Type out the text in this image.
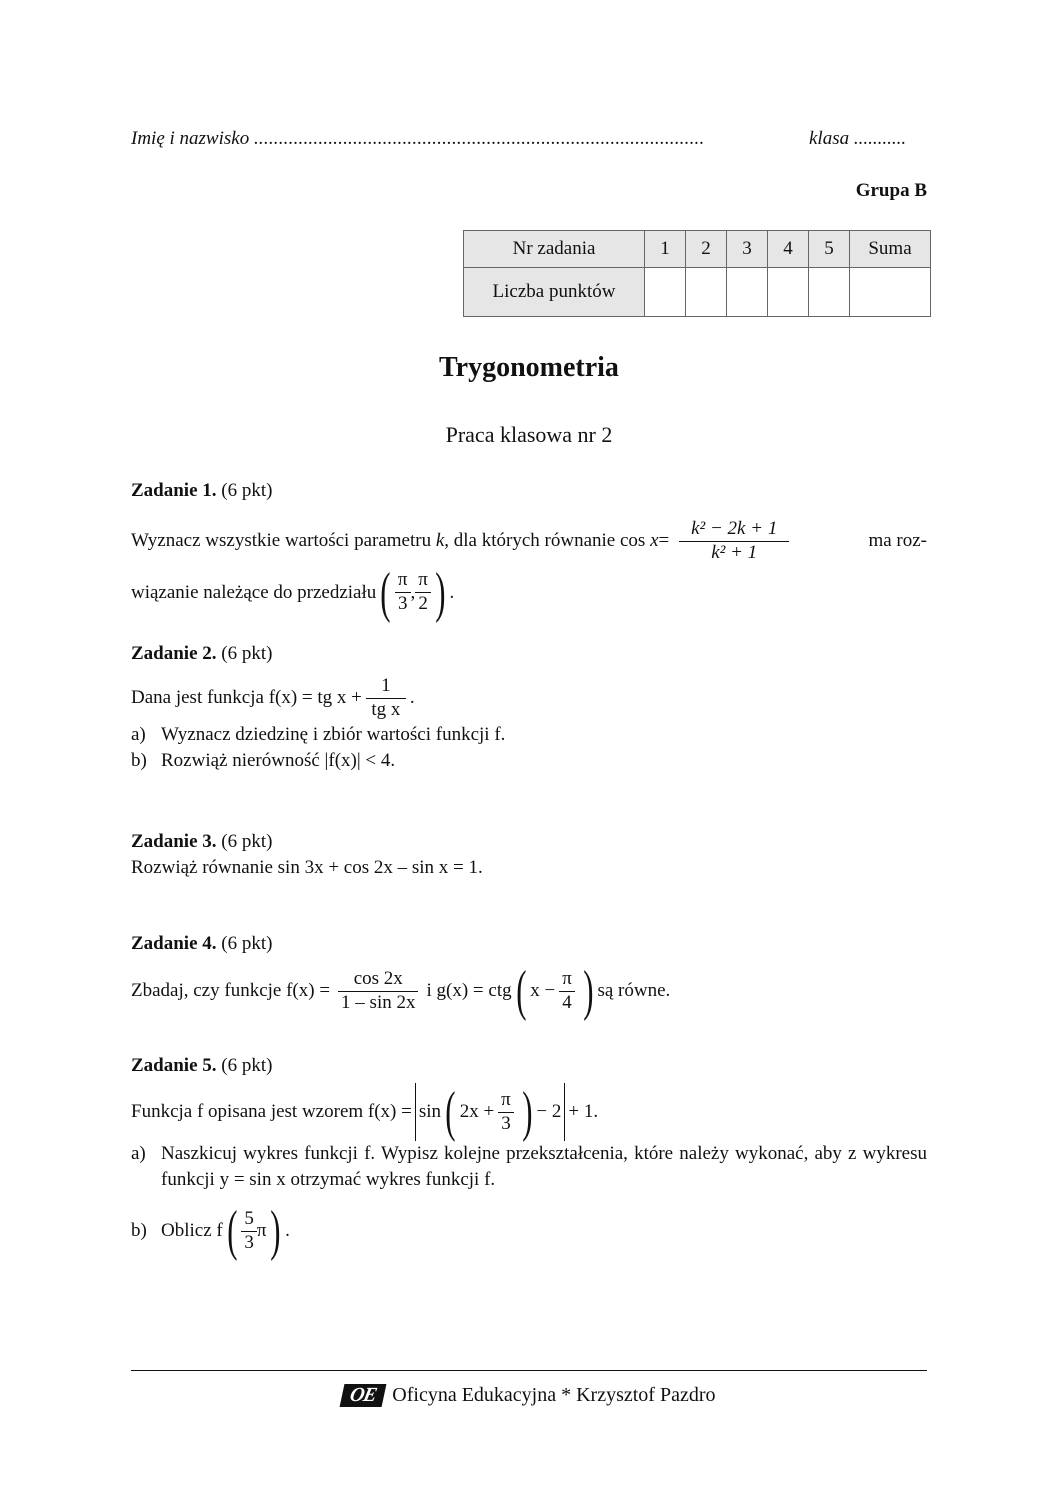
Imię i nazwisko ...........................................................................................	klasa ...........
Grupa B
Nr zadania	1	2	3	4	5	Suma
Liczba punktów						
Trygonometria
Praca klasowa nr 2
Zadanie 1. (6 pkt)
Wyznacz wszystkie wartości parametru
k , dla których równanie cos
$x = \frac{\text{k² − 2k + 1}}{\text{k² + 1}}$	ma roz-
wiązanie należące do przedziału ( $\frac{\pi}{3}$ , $\frac{\pi}{2}$ ) .
Zadanie 2. (6 pkt)
Dana jest funkcja
f(x) = tg $x + \frac{1}{\text{tg x}}$ .
a) Wyznacz dziedzinę i zbiór wartości funkcji f.
b) Rozwiąż nierówność |f(x)| < 4.
Zadanie 3. (6 pkt)
Rozwiąż równanie sin 3x + cos 2x – sin x = 1.
Zadanie 4. (6 pkt)
Zbadaj, czy funkcje $f(x) = \frac{\cos 2x}{1 - \sin 2x}$ i g(x) = ctg ( $x - \frac{\pi}{4}$ ) są równe.
Zadanie 5. (6 pkt)
Funkcja f opisana jest wzorem f(x) = sin ( $2x + \frac{\pi}{3}$ ) − 2 + 1.
a) Naszkicuj wykres funkcji f. Wypisz kolejne przekształcenia, które należy wykonać, aby z wykresu funkcji y = sin x otrzymać wykres funkcji f.
b) Oblicz f ( $\frac{5}{3}$ π ) .
OE Oficyna Edukacyjna * Krzysztof Pazdro
